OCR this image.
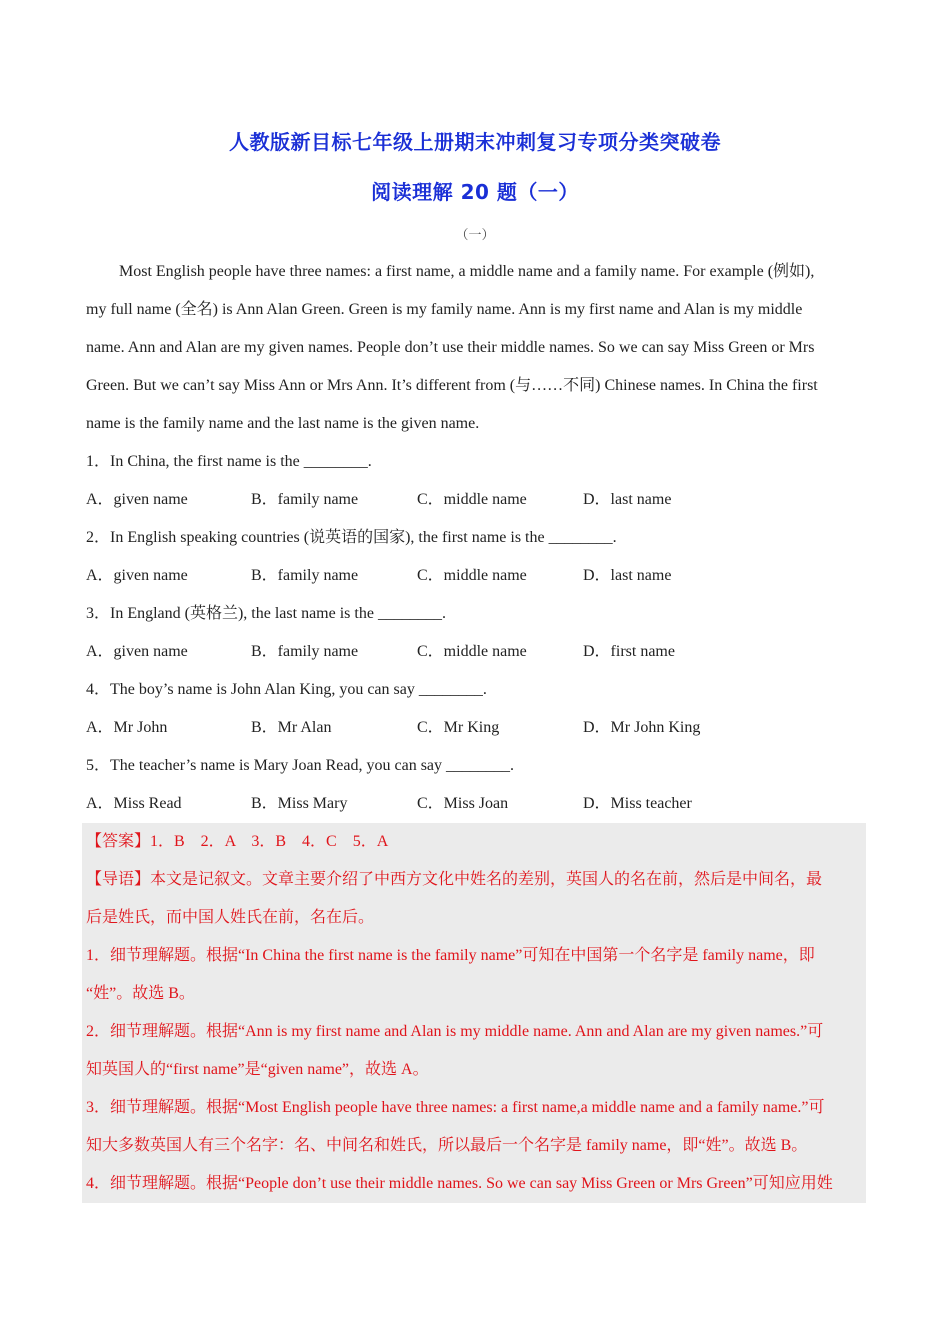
人教版新目标七年级上册期末冲刺复习专项分类突破卷
阅读理解 20 题（一）
（一）
Most English people have three names: a first name, a middle name and a family name. For example (例如),
my full name (全名) is Ann Alan Green. Green is my family name. Ann is my first name and Alan is my middle
name. Ann and Alan are my given names. People don’t use their middle names. So we can say Miss Green or Mrs
Green. But we can’t say Miss Ann or Mrs Ann. It’s different from (与……不同) Chinese names. In China the first
name is the family name and the last name is the given name.
1．In China, the first name is the ________.
A．given name	B．family name	C．middle name	D．last name
2．In English speaking countries (说英语的国家), the first name is the ________.
A．given name	B．family name	C．middle name	D．last name
3．In England (英格兰), the last name is the ________.
A．given name	B．family name	C．middle name	D．first name
4．The boy’s name is John Alan King, you can say ________.
A．Mr John	B．Mr Alan	C．Mr King	D．Mr John King
5．The teacher’s name is Mary Joan Read, you can say ________.
A．Miss Read	B．Miss Mary	C．Miss Joan	D．Miss teacher
【答案】1．B　2．A　3．B　4．C　5．A
【导语】本文是记叙文。文章主要介绍了中西方文化中姓名的差别，英国人的名在前，然后是中间名，最
后是姓氏，而中国人姓氏在前，名在后。
1．细节理解题。根据“In China the first name is the family name”可知在中国第一个名字是 family name，即
“姓”。故选 B。
2．细节理解题。根据“Ann is my first name and Alan is my middle name. Ann and Alan are my given names.”可
知英国人的“first name”是“given name”，故选 A。
3．细节理解题。根据“Most English people have three names: a first name,a middle name and a family name.”可
知大多数英国人有三个名字：名、中间名和姓氏，所以最后一个名字是 family name，即“姓”。故选 B。
4．细节理解题。根据“People don’t use their middle names. So we can say Miss Green or Mrs Green”可知应用姓
